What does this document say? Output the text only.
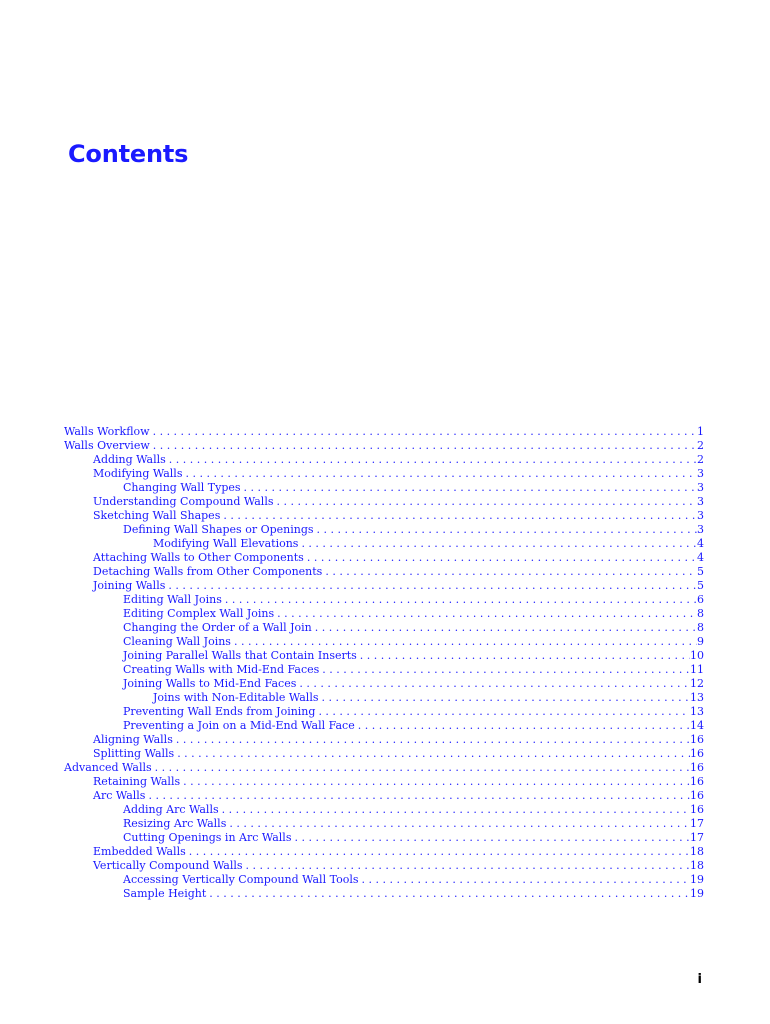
Contents
Walls Workflow . . .	1
Walls Overview . . .	2
Adding Walls . . .	2
Modifying Walls . . .	3
Changing Wall Types . . .	3
Understanding Compound Walls . . .	3
Sketching Wall Shapes . . .	3
Defining Wall Shapes or Openings . . .	3
Modifying Wall Elevations . . .	4
Attaching Walls to Other Components . . .	4
Detaching Walls from Other Components . . .	5
Joining Walls . . .	5
Editing Wall Joins . . .	6
Editing Complex Wall Joins . . .	8
Changing the Order of a Wall Join . . .	8
Cleaning Wall Joins . . .	9
Joining Parallel Walls that Contain Inserts . . .	10
Creating Walls with Mid-End Faces . . .	11
Joining Walls to Mid-End Faces . . .	12
Joins with Non-Editable Walls . . .	13
Preventing Wall Ends from Joining . . .	13
Preventing a Join on a Mid-End Wall Face . . .	14
Aligning Walls . . .	16
Splitting Walls . . .	16
Advanced Walls . . .	16
Retaining Walls . . .	16
Arc Walls . . .	16
Adding Arc Walls . . .	16
Resizing Arc Walls . . .	17
Cutting Openings in Arc Walls . . .	17
Embedded Walls . . .	18
Vertically Compound Walls . . .	18
Accessing Vertically Compound Wall Tools . . .	19
Sample Height . . .	19

i
